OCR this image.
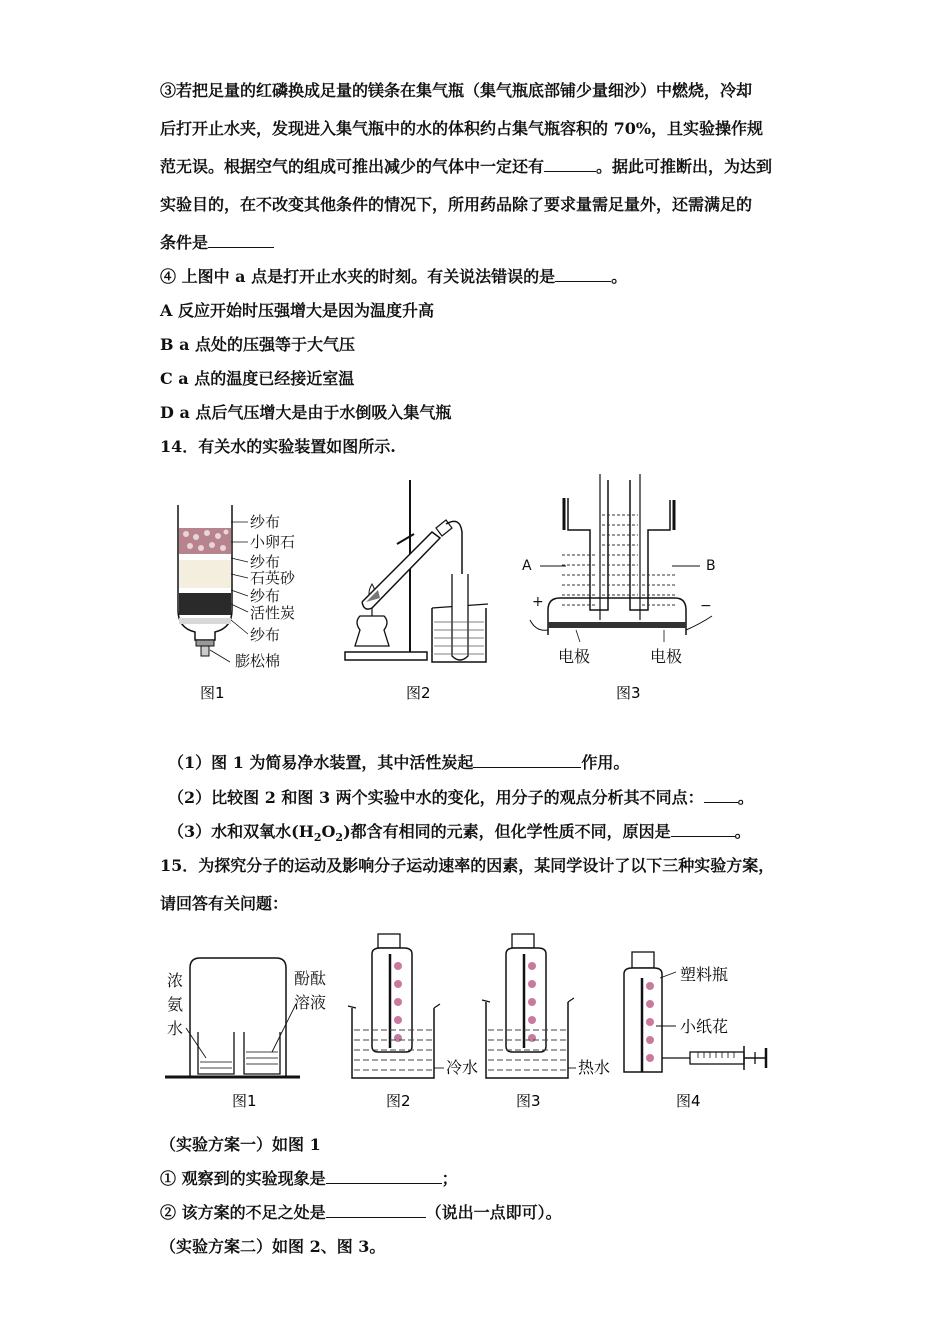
③若把足量的红磷换成足量的镁条在集气瓶（集气瓶底部铺少量细沙）中燃烧，冷却
后打开止水夹，发现进入集气瓶中的水的体积约占集气瓶容积的 70%，且实验操作规
范无误。根据空气的组成可推出减少的气体中一定还有	。据此可推断出，为达到
实验目的，在不改变其他条件的情况下，所用药品除了要求量需足量外，还需满足的
条件是
④ 上图中 a 点是打开止水夹的时刻。有关说法错误的是	。
A 反应开始时压强增大是因为温度升高
B a 点处的压强等于大气压
C a 点的温度已经接近室温
D a 点后气压增大是由于水倒吸入集气瓶
14．有关水的实验装置如图所示.
纱布
小卵石
纱布
石英砂
纱布
活性炭
纱布
膨松棉
图1	图2
A	B
+	−
电极	电极
图3
（1）图 1 为简易净水装置，其中活性炭起	作用。
（2）比较图 2 和图 3 两个实验中水的变化，用分子的观点分析其不同点： 。
（3）水和双氧水$(H_2O_2)$都含有相同的元素，但化学性质不同，原因是	。
15．为探究分子的运动及影响分子运动速率的因素，某同学设计了以下三种实验方案，
请回答有关问题：
浓
氨
水
酚酞
溶液
图1
冷水
图2
热水
图3
塑料瓶
小纸花
图4
（实验方案一）如图 1
① 观察到的实验现象是	；
② 该方案的不足之处是	（说出一点即可）。
（实验方案二）如图 2、图 3。
